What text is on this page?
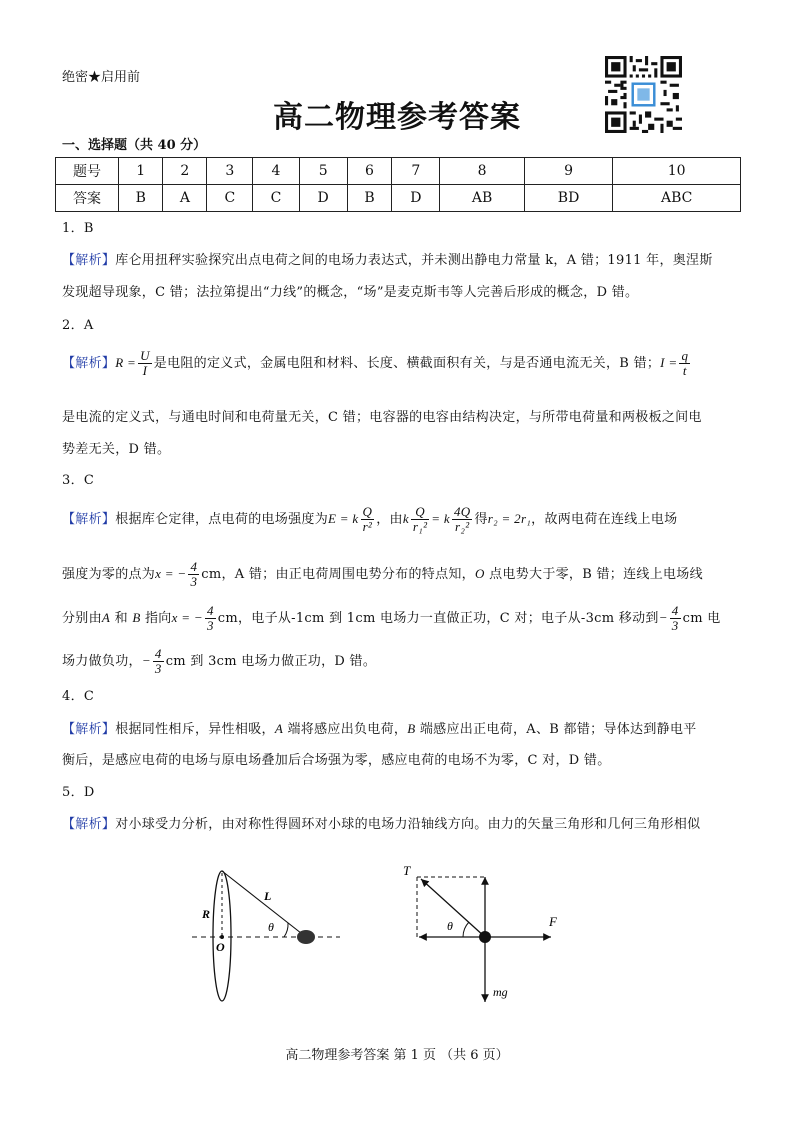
绝密★启用前
高二物理参考答案
一、选择题（共 40 分）
题号	1	2	3	4	5	6	7	8	9	10
答案	B	A	C	C	D	B	D	AB	BD	ABC
1．B
【解析】库仑用扭秤实验探究出点电荷之间的电场力表达式，并未测出静电力常量 k，A 错；1911 年，奥涅斯
发现超导现象，C 错；法拉第提出“力线”的概念，“场”是麦克斯韦等人完善后形成的概念，D 错。
2．A
【解析】$R = \frac{U}{I}$ 是电阻的定义式，金属电阻和材料、长度、横截面积有关，与是否通电流无关，B 错；$I = \frac{q}{t}$
是电流的定义式，与通电时间和电荷量无关，C 错；电容器的电容由结构决定，与所带电荷量和两极板之间电
势差无关，D 错。
3．C
【解析】根据库仑定律，点电荷的电场强度为E = k $\frac{Q}{\text{r²}}$ ，由k $\frac{Q}{\text{r₁²}} = k \frac{4Q}{\text{r₂²}}$ 得r₂ = 2r₁，故两电荷在连线上电场
强度为零的点为x = − $\frac{4}{3}$ cm，A 错；由正电荷周围电势分布的特点知，O 点电势大于零，B 错；连线上电场线
分别由A 和 B 指向x = − $\frac{4}{3}$ cm，电子从-1cm 到 1cm 电场力一直做正功，C 对；电子从-3cm 移动到− $\frac{4}{3}$ cm 电
场力做负功，− $\frac{4}{3}$ cm 到 3cm 电场力做正功，D 错。
4．C
【解析】根据同性相斥，异性相吸，A 端将感应出负电荷，B 端感应出正电荷，A、B 都错；导体达到静电平
衡后，是感应电荷的电场与原电场叠加后合场强为零，感应电荷的电场不为零，C 对，D 错。
5．D
【解析】对小球受力分析，由对称性得圆环对小球的电场力沿轴线方向。由力的矢量三角形和几何三角形相似
R
O
L
θ
T
θ	F
mg
高二物理参考答案 第 1 页 （共 6 页）
